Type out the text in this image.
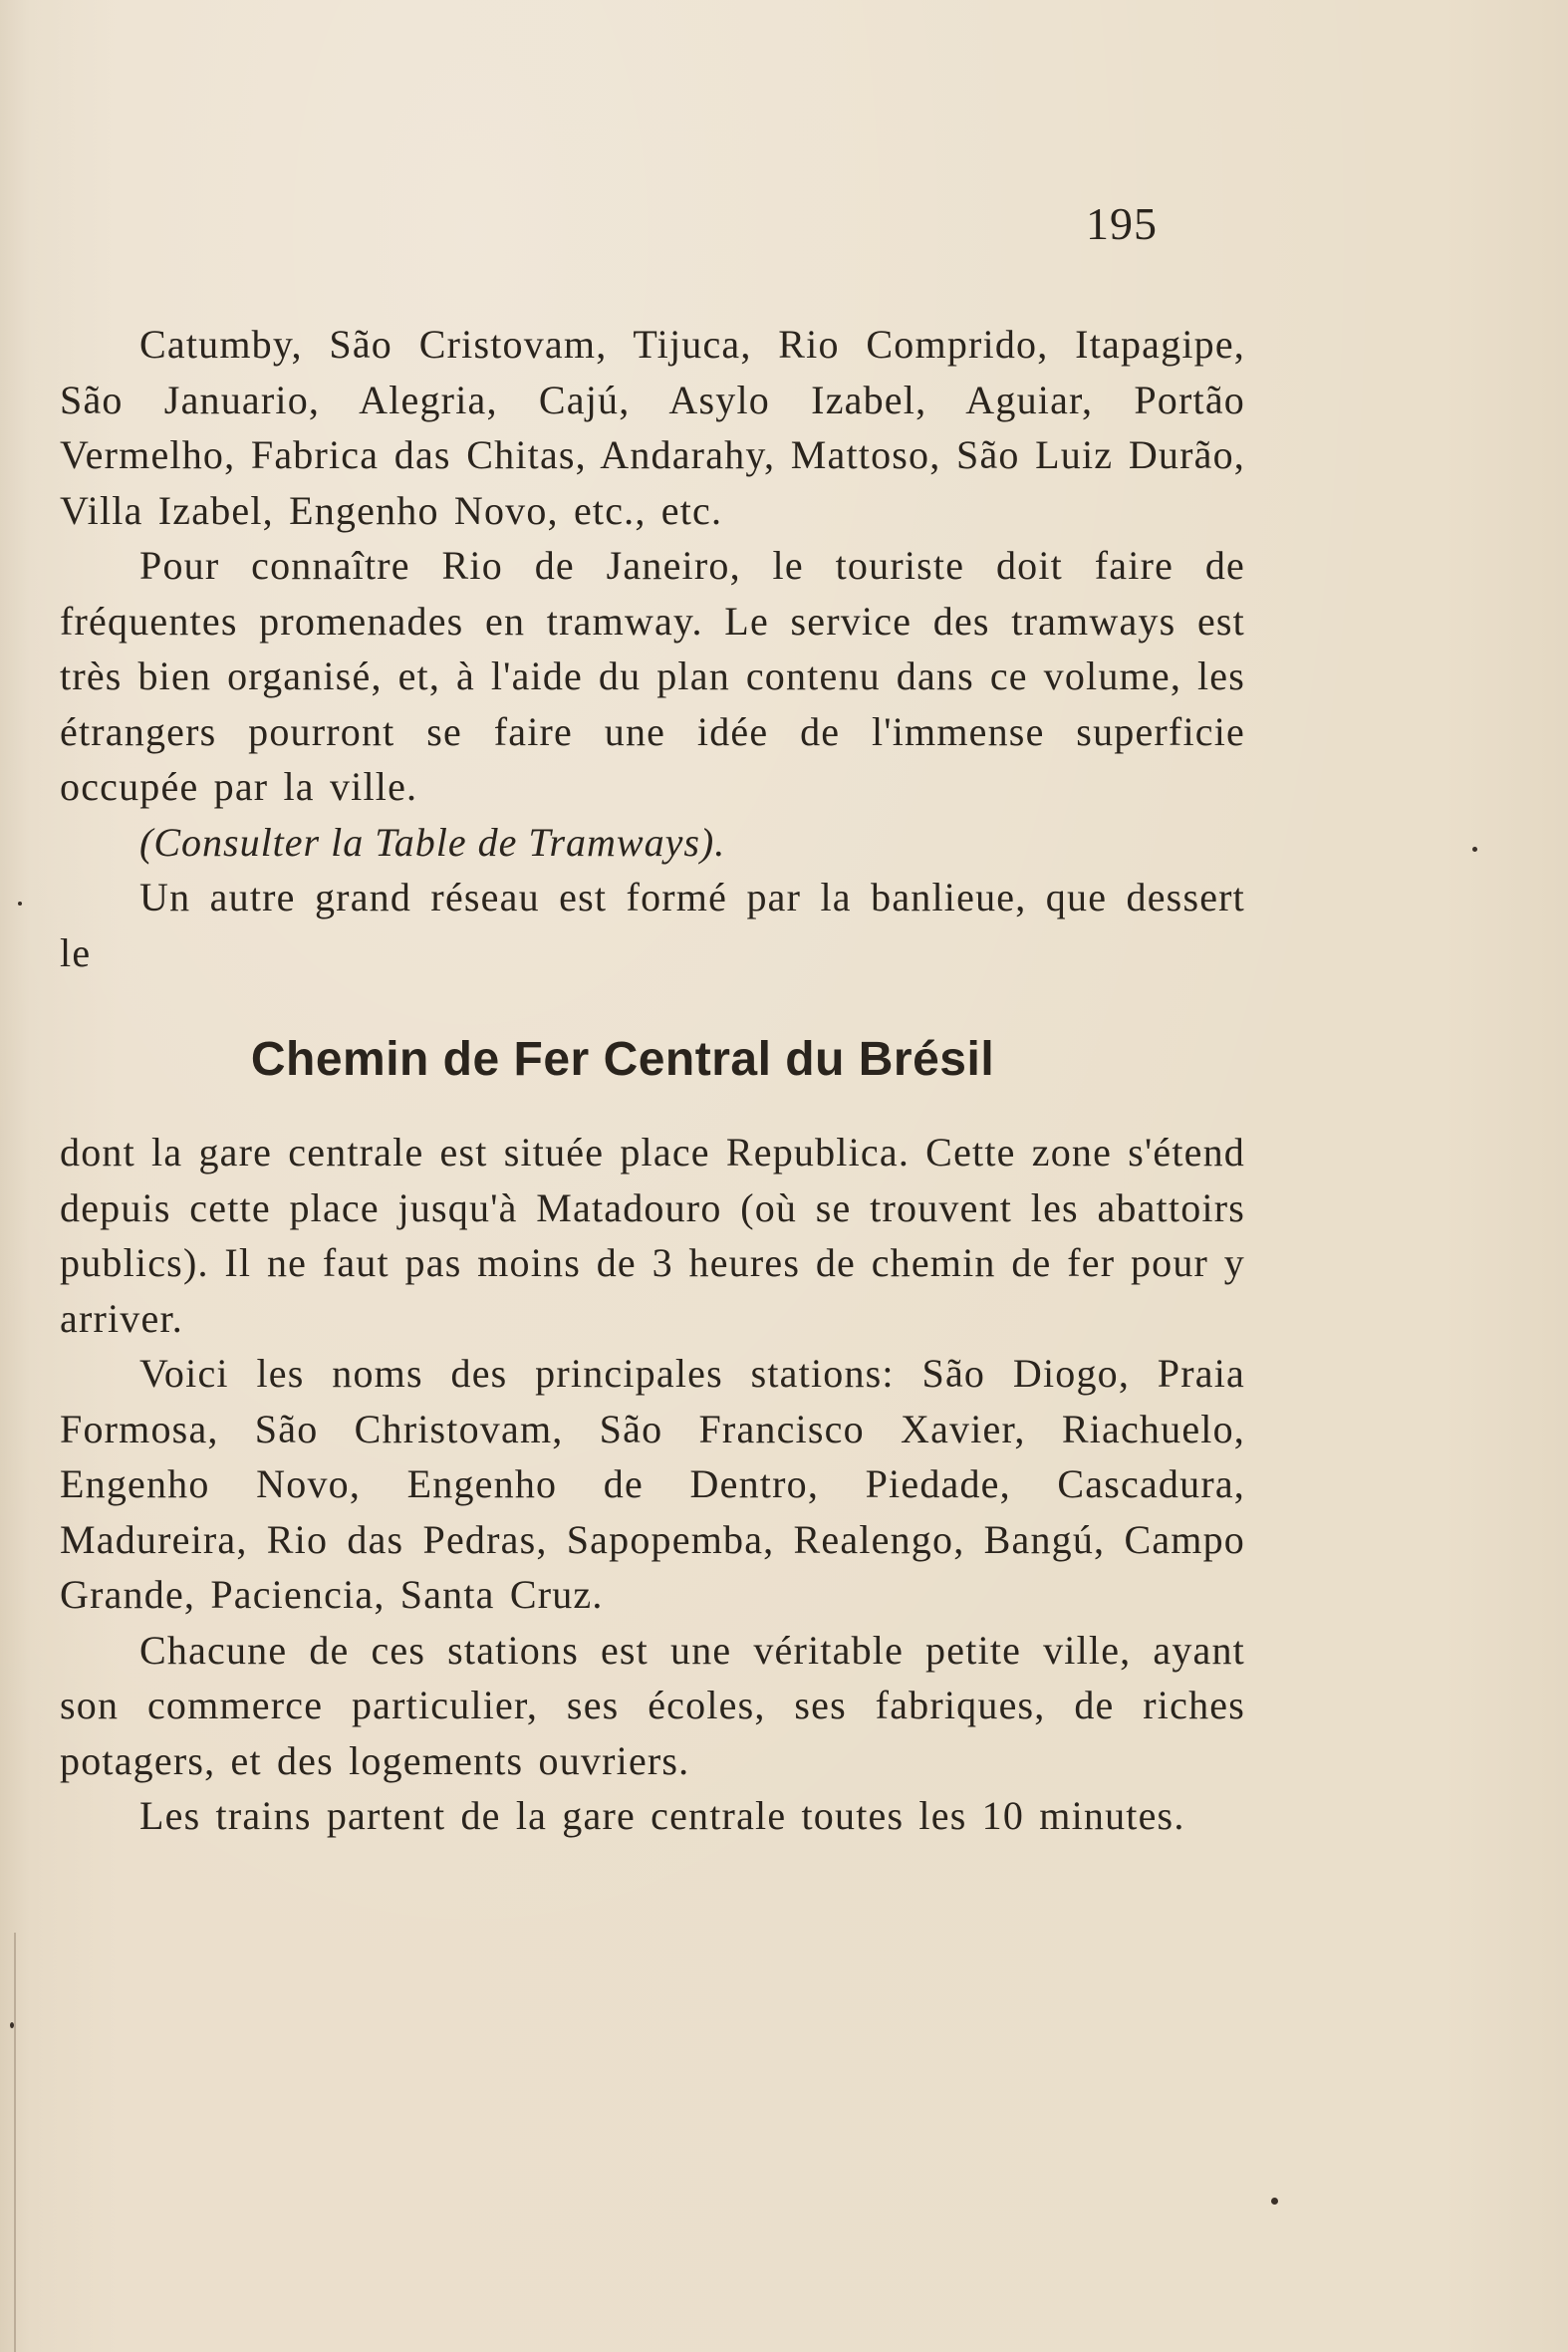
195

Catumby, São Cristovam, Tijuca, Rio Comprido, Itapagipe, São Januario, Alegria, Cajú, Asylo Izabel, Aguiar, Portão Vermelho, Fabrica das Chitas, Andarahy, Mattoso, São Luiz Durão, Villa Izabel, Engenho Novo, etc., etc.

Pour connaître Rio de Janeiro, le touriste doit faire de fréquentes promenades en tramway. Le service des tramways est très bien organisé, et, à l'aide du plan contenu dans ce volume, les étrangers pourront se faire une idée de l'immense superficie occupée par la ville.

(Consulter la Table de Tramways).

Un autre grand réseau est formé par la banlieue, que dessert le

Chemin de Fer Central du Brésil

dont la gare centrale est située place Republica. Cette zone s'étend depuis cette place jusqu'à Matadouro (où se trouvent les abattoirs publics). Il ne faut pas moins de 3 heures de chemin de fer pour y arriver.

Voici les noms des principales stations: São Diogo, Praia Formosa, São Christovam, São Francisco Xavier, Riachuelo, Engenho Novo, Engenho de Dentro, Piedade, Cascadura, Madureira, Rio das Pedras, Sapopemba, Realengo, Bangú, Campo Grande, Paciencia, Santa Cruz.

Chacune de ces stations est une véritable petite ville, ayant son commerce particulier, ses écoles, ses fabriques, de riches potagers, et des logements ouvriers.

Les trains partent de la gare centrale toutes les 10 minutes.
